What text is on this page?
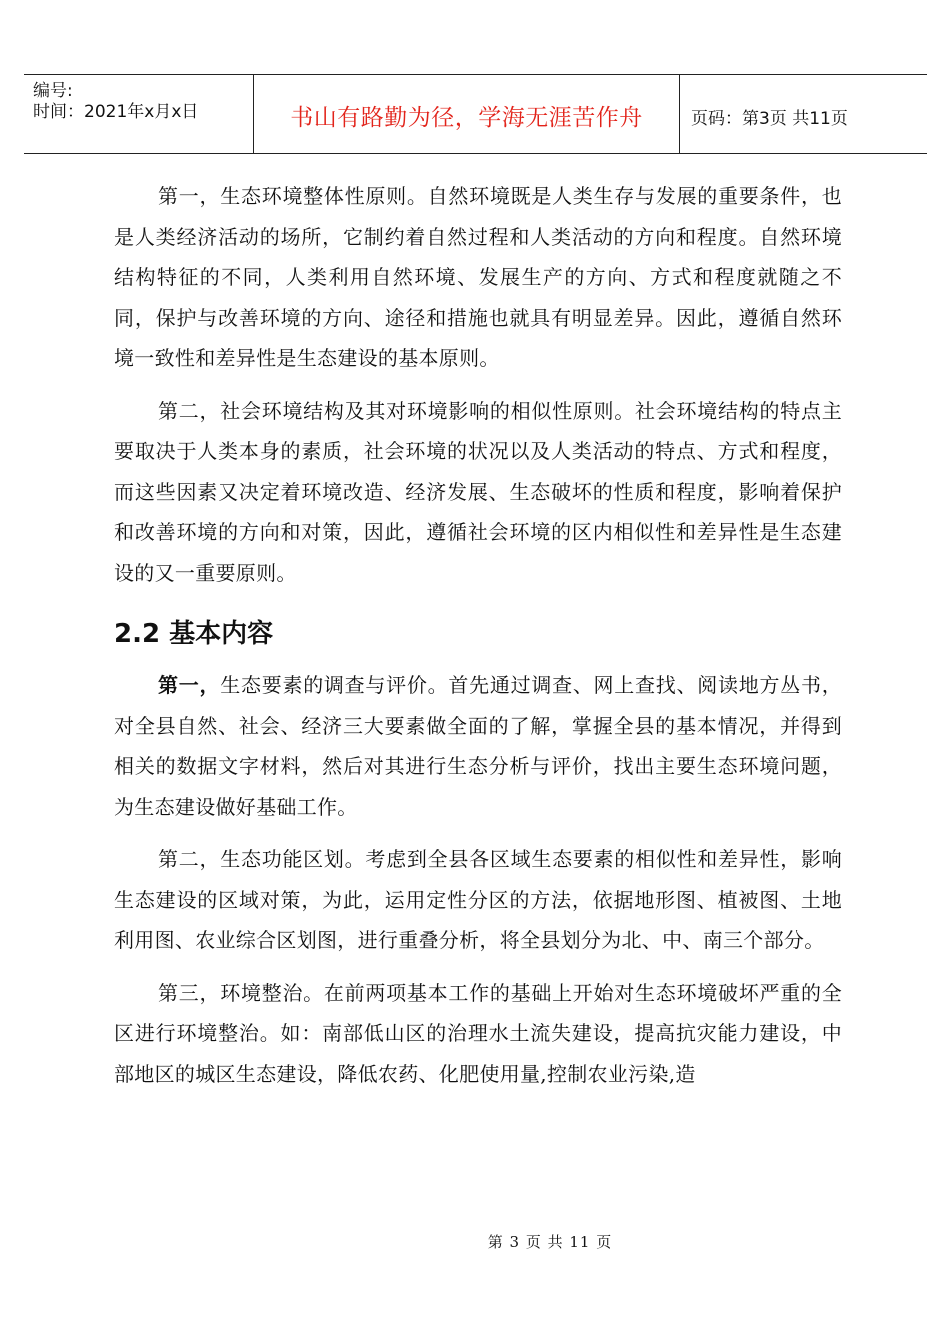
编号:
时间：2021年x月x日	书山有路勤为径，学海无涯苦作舟	页码：第3页 共11页

第一，生态环境整体性原则。自然环境既是人类生存与发展的重要条件，也是人类经济活动的场所，它制约着自然过程和人类活动的方向和程度。自然环境结构特征的不同，人类利用自然环境、发展生产的方向、方式和程度就随之不同，保护与改善环境的方向、途径和措施也就具有明显差异。因此，遵循自然环境一致性和差异性是生态建设的基本原则。

第二，社会环境结构及其对环境影响的相似性原则。社会环境结构的特点主要取决于人类本身的素质，社会环境的状况以及人类活动的特点、方式和程度，而这些因素又决定着环境改造、经济发展、生态破坏的性质和程度，影响着保护和改善环境的方向和对策，因此，遵循社会环境的区内相似性和差异性是生态建设的又一重要原则。

2.2 基本内容

第一，生态要素的调查与评价。首先通过调查、网上查找、阅读地方丛书，对全县自然、社会、经济三大要素做全面的了解，掌握全县的基本情况，并得到相关的数据文字材料，然后对其进行生态分析与评价，找出主要生态环境问题，为生态建设做好基础工作。

第二，生态功能区划。考虑到全县各区域生态要素的相似性和差异性，影响生态建设的区域对策，为此，运用定性分区的方法，依据地形图、植被图、土地利用图、农业综合区划图，进行重叠分析，将全县划分为北、中、南三个部分。

第三，环境整治。在前两项基本工作的基础上开始对生态环境破坏严重的全区进行环境整治。如：南部低山区的治理水土流失建设，提高抗灾能力建设，中部地区的城区生态建设，降低农药、化肥使用量,控制农业污染,造

第 3 页 共 11 页
